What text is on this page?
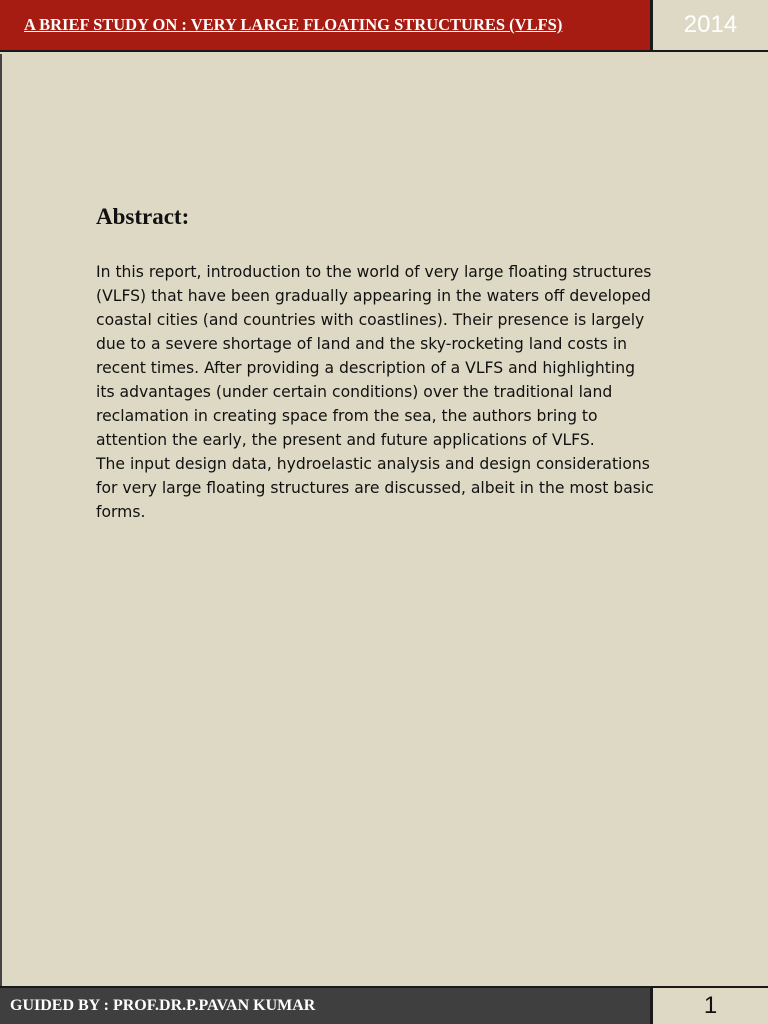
A BRIEF STUDY ON : VERY LARGE FLOATING STRUCTURES (VLFS)	2014
Abstract:

In this report, introduction to the world of very large floating structures (VLFS) that have been gradually appearing in the waters off developed coastal cities (and countries with coastlines). Their presence is largely due to a severe shortage of land and the sky-rocketing land costs in recent times. After providing a description of a VLFS and highlighting its advantages (under certain conditions) over the traditional land reclamation in creating space from the sea, the authors bring to attention the early, the present and future applications of VLFS.

The input design data, hydroelastic analysis and design considerations for very large floating structures are discussed, albeit in the most basic forms.

GUIDED BY : PROF.DR.P.PAVAN KUMAR	1
